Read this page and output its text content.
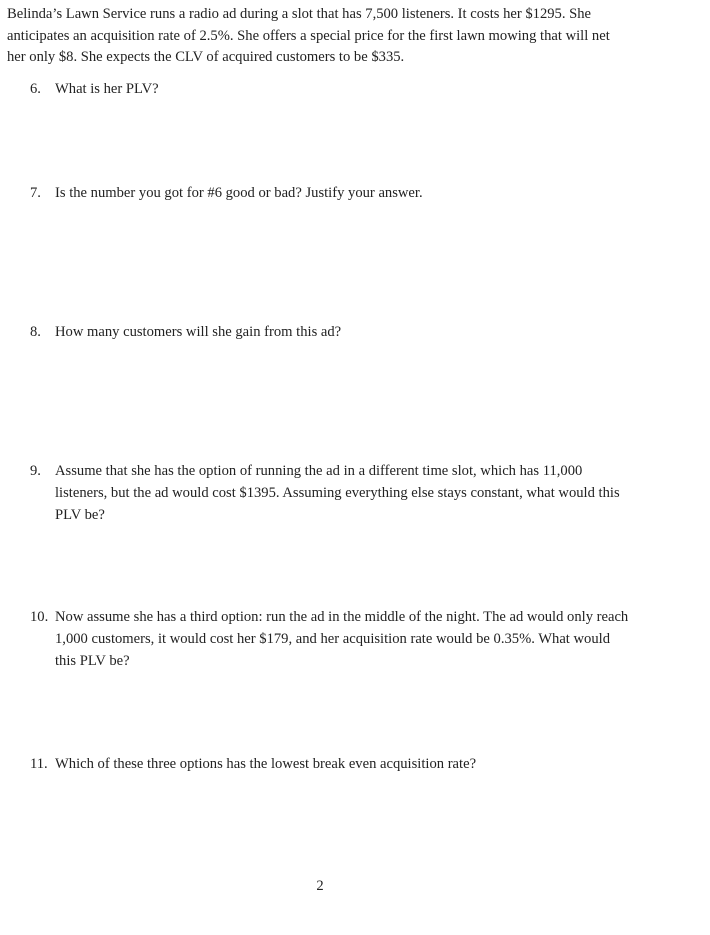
Belinda’s Lawn Service runs a radio ad during a slot that has 7,500 listeners. It costs her $1295. She anticipates an acquisition rate of 2.5%. She offers a special price for the first lawn mowing that will net her only $8. She expects the CLV of acquired customers to be $335.

6. What is her PLV?
7. Is the number you got for #6 good or bad? Justify your answer.
8. How many customers will she gain from this ad?
9. Assume that she has the option of running the ad in a different time slot, which has 11,000 listeners, but the ad would cost $1395. Assuming everything else stays constant, what would this PLV be?
10. Now assume she has a third option: run the ad in the middle of the night. The ad would only reach 1,000 customers, it would cost her $179, and her acquisition rate would be 0.35%. What would this PLV be?
11. Which of these three options has the lowest break even acquisition rate?
2
